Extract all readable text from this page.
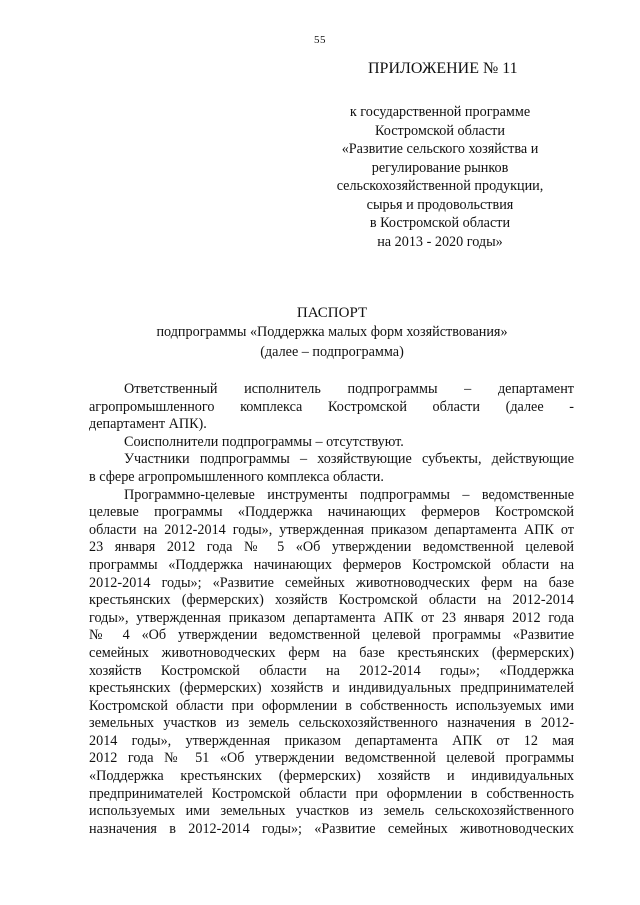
55
ПРИЛОЖЕНИЕ № 11
к государственной программе
Костромской области
«Развитие сельского хозяйства и
регулирование рынков
сельскохозяйственной продукции,
сырья и продовольствия
в Костромской области
на 2013 - 2020 годы»
ПАСПОРТ
подпрограммы «Поддержка малых форм хозяйствования»
(далее – подпрограмма)
Ответственный исполнитель подпрограммы – департамент
агропромышленного комплекса Костромской области (далее -
департамент АПК).
Соисполнители подпрограммы – отсутствуют.
Участники подпрограммы – хозяйствующие субъекты, действующие
в сфере агропромышленного комплекса области.
Программно-целевые инструменты подпрограммы – ведомственные
целевые программы «Поддержка начинающих фермеров Костромской
области на 2012-2014 годы», утвержденная приказом департамента АПК от
23 января 2012 года № 5 «Об утверждении ведомственной целевой
программы «Поддержка начинающих фермеров Костромской области на
2012-2014 годы»; «Развитие семейных животноводческих ферм на базе
крестьянских (фермерских) хозяйств Костромской области на 2012-2014
годы», утвержденная приказом департамента АПК от 23 января 2012 года
№ 4 «Об утверждении ведомственной целевой программы «Развитие
семейных животноводческих ферм на базе крестьянских (фермерских)
хозяйств Костромской области на 2012-2014 годы»; «Поддержка
крестьянских (фермерских) хозяйств и индивидуальных предпринимателей
Костромской области при оформлении в собственность используемых ими
земельных участков из земель сельскохозяйственного назначения в 2012-
2014 годы», утвержденная приказом департамента АПК от 12 мая
2012 года № 51 «Об утверждении ведомственной целевой программы
«Поддержка крестьянских (фермерских) хозяйств и индивидуальных
предпринимателей Костромской области при оформлении в собственность
используемых ими земельных участков из земель сельскохозяйственного
назначения в 2012-2014 годы»; «Развитие семейных животноводческих
